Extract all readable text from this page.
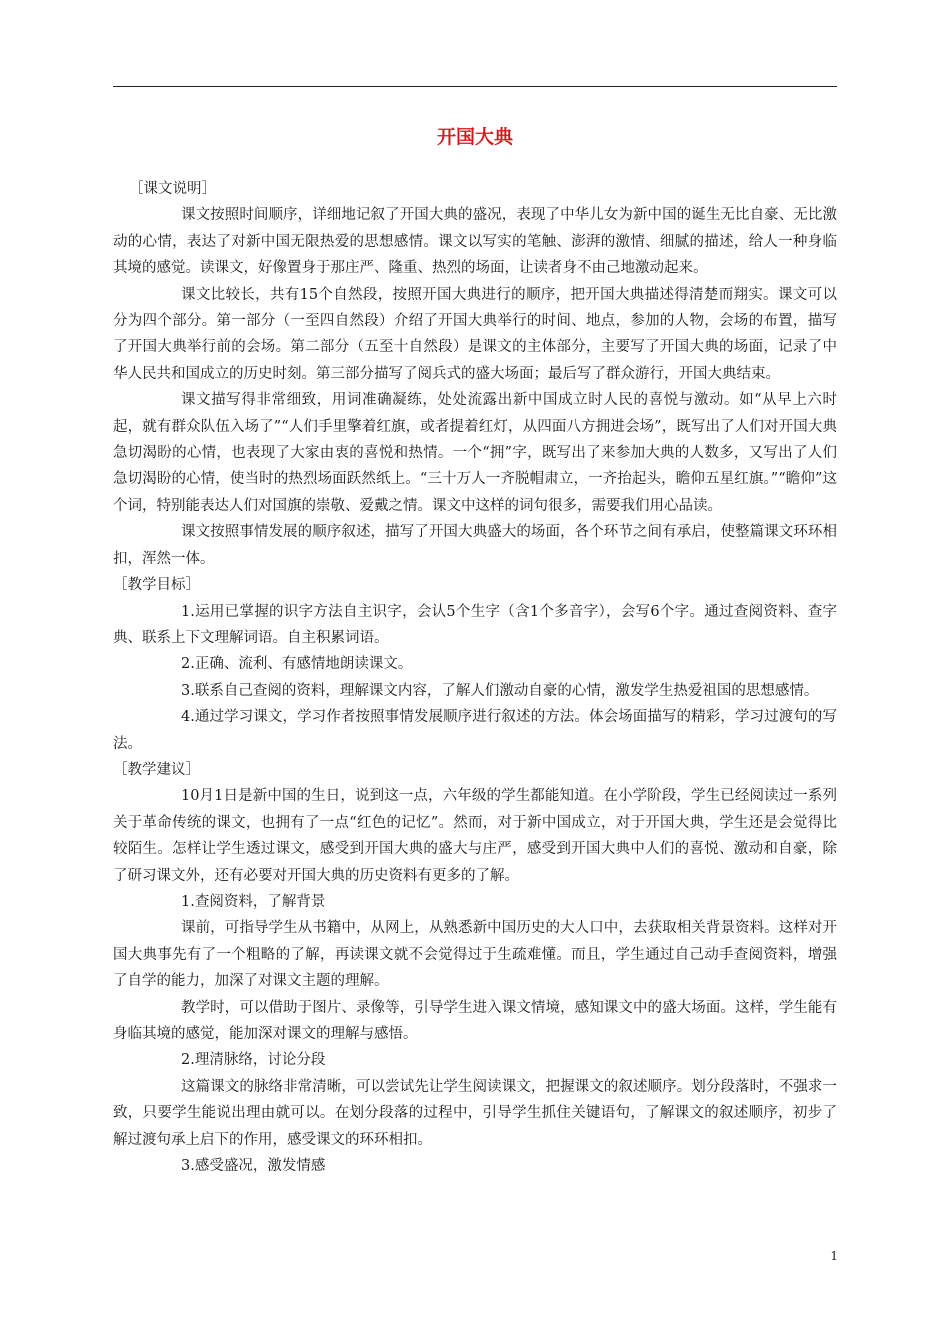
开国大典

［课文说明］

课文按照时间顺序，详细地记叙了开国大典的盛况，表现了中华儿女为新中国的诞生无比自豪、无比激动的心情，表达了对新中国无限热爱的思想感情。课文以写实的笔触、澎湃的激情、细腻的描述，给人一种身临其境的感觉。读课文，好像置身于那庄严、隆重、热烈的场面，让读者身不由己地激动起来。

课文比较长，共有15个自然段，按照开国大典进行的顺序，把开国大典描述得清楚而翔实。课文可以分为四个部分。第一部分（一至四自然段）介绍了开国大典举行的时间、地点，参加的人物，会场的布置，描写了开国大典举行前的会场。第二部分（五至十自然段）是课文的主体部分，主要写了开国大典的场面，记录了中华人民共和国成立的历史时刻。第三部分描写了阅兵式的盛大场面；最后写了群众游行，开国大典结束。

课文描写得非常细致，用词准确凝练，处处流露出新中国成立时人民的喜悦与激动。如“从早上六时起，就有群众队伍入场了”“人们手里擎着红旗，或者提着红灯，从四面八方拥进会场”，既写出了人们对开国大典急切渴盼的心情，也表现了大家由衷的喜悦和热情。一个“拥”字，既写出了来参加大典的人数多，又写出了人们急切渴盼的心情，使当时的热烈场面跃然纸上。“三十万人一齐脱帽肃立，一齐抬起头，瞻仰五星红旗。”“瞻仰”这个词，特别能表达人们对国旗的崇敬、爱戴之情。课文中这样的词句很多，需要我们用心品读。

课文按照事情发展的顺序叙述，描写了开国大典盛大的场面，各个环节之间有承启，使整篇课文环环相扣，浑然一体。

［教学目标］

1.运用已掌握的识字方法自主识字，会认5个生字（含1个多音字），会写6个字。通过查阅资料、查字典、联系上下文理解词语。自主积累词语。

2.正确、流利、有感情地朗读课文。

3.联系自己查阅的资料，理解课文内容，了解人们激动自豪的心情，激发学生热爱祖国的思想感情。

4.通过学习课文，学习作者按照事情发展顺序进行叙述的方法。体会场面描写的精彩，学习过渡句的写法。

［教学建议］

10月1日是新中国的生日，说到这一点，六年级的学生都能知道。在小学阶段，学生已经阅读过一系列关于革命传统的课文，也拥有了一点“红色的记忆”。然而，对于新中国成立，对于开国大典，学生还是会觉得比较陌生。怎样让学生透过课文，感受到开国大典的盛大与庄严，感受到开国大典中人们的喜悦、激动和自豪，除了研习课文外，还有必要对开国大典的历史资料有更多的了解。

1.查阅资料，了解背景

课前，可指导学生从书籍中，从网上，从熟悉新中国历史的大人口中，去获取相关背景资料。这样对开国大典事先有了一个粗略的了解，再读课文就不会觉得过于生疏难懂。而且，学生通过自己动手查阅资料，增强了自学的能力，加深了对课文主题的理解。

教学时，可以借助于图片、录像等，引导学生进入课文情境，感知课文中的盛大场面。这样，学生能有身临其境的感觉，能加深对课文的理解与感悟。

2.理清脉络，讨论分段

这篇课文的脉络非常清晰，可以尝试先让学生阅读课文，把握课文的叙述顺序。划分段落时，不强求一致，只要学生能说出理由就可以。在划分段落的过程中，引导学生抓住关键语句，了解课文的叙述顺序，初步了解过渡句承上启下的作用，感受课文的环环相扣。

3.感受盛况，激发情感

1
